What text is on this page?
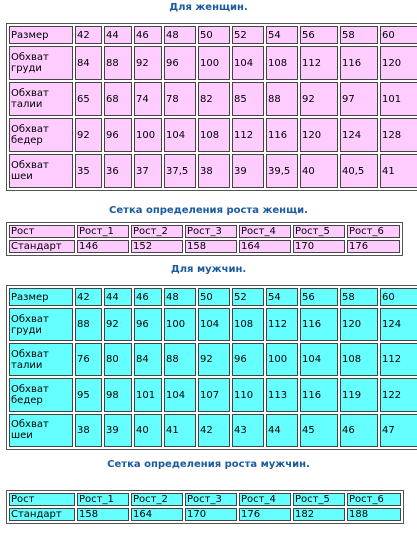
Для женщин.
Размер	42	44	46	48	50	52	54	56	58	60
Обхват груди	84	88	92	96	100	104	108	112	116	120
Обхват талии	65	68	74	78	82	85	88	92	97	101
Обхват бедер	92	96	100	104	108	112	116	120	124	128
Обхват шеи	35	36	37	37,5	38	39	39,5	40	40,5	41
Сетка определения роста женщи.
Рост	Рост_1	Рост_2	Рост_3	Рост_4	Рост_5	Рост_6
Стандарт	146	152	158	164	170	176
Для мужчин.
Размер	42	44	46	48	50	52	54	56	58	60
Обхват груди	88	92	96	100	104	108	112	116	120	124
Обхват талии	76	80	84	88	92	96	100	104	108	112
Обхват бедер	95	98	101	104	107	110	113	116	119	122
Обхват шеи	38	39	40	41	42	43	44	45	46	47
Сетка определения роста мужчин.
Рост	Рост_1	Рост_2	Рост_3	Рост_4	Рост_5	Рост_6
Стандарт	158	164	170	176	182	188
